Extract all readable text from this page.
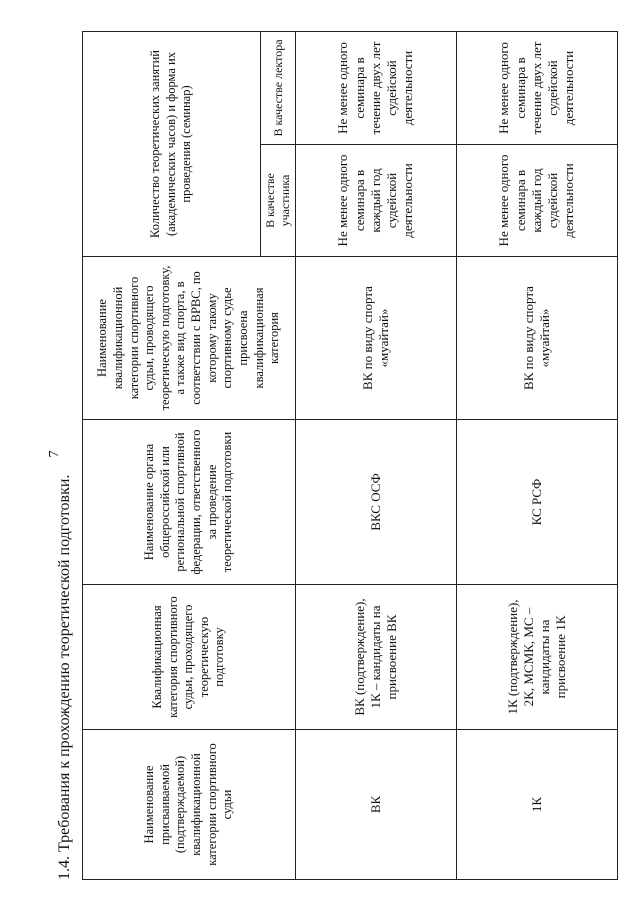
7
1.4. Требования к прохождению теоретической подготовки.	Наименование присваиваемой (подтверждаемой) квалификационной категории спортивного судьи	Квалификационная категория спортивного судьи, проходящего теоретическую подготовку	Наименование органа общероссийской или региональной спортивной федерации, ответственного за проведение теоретической подготовки	Наименование квалификационной категории спортивного судьи, проводящего теоретическую подготовку, а также вид спорта, в соответствии с ВРВС, по которому такому спортивному судье присвоена квалификационная категория	Количество теоретических занятий (академических часов) и форма их проведения (семинар)	
				В качестве участника	В качестве лектора
ВК	ВК (подтверждение), 1К – кандидаты на присвоение ВК	ВКС ОСФ	ВК по виду спорта «муайтай»	Не менее одного семинара в каждый год судейской деятельности	Не менее одного семинара в течение двух лет судейской деятельности
1К	1К (подтверждение), 2К, МСМК, МС – кандидаты на присвоение 1К	КС РСФ	ВК по виду спорта «муайтай»	Не менее одного семинара в каждый год судейской деятельности	Не менее одного семинара в течение двух лет судейской деятельности
